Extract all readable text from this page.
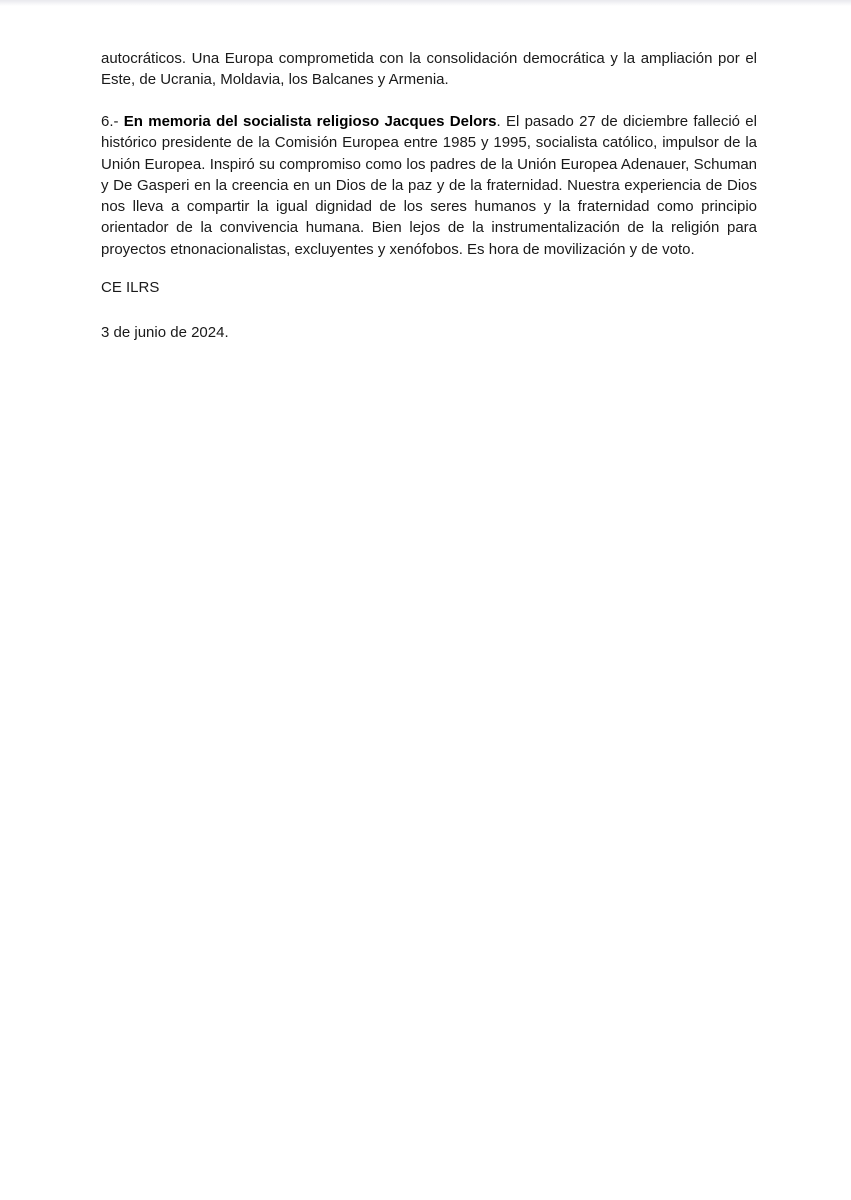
autocráticos. Una Europa comprometida con la consolidación democrática y la ampliación por el Este, de Ucrania, Moldavia, los Balcanes y Armenia.

6.- En memoria del socialista religioso Jacques Delors. El pasado 27 de diciembre falleció el histórico presidente de la Comisión Europea entre 1985 y 1995, socialista católico, impulsor de la Unión Europea. Inspiró su compromiso como los padres de la Unión Europea Adenauer, Schuman y De Gasperi en la creencia en un Dios de la paz y de la fraternidad. Nuestra experiencia de Dios nos lleva a compartir la igual dignidad de los seres humanos y la fraternidad como principio orientador de la convivencia humana. Bien lejos de la instrumentalización de la religión para proyectos etnonacionalistas, excluyentes y xenófobos. Es hora de movilización y de voto.

CE ILRS

3 de junio de 2024.
